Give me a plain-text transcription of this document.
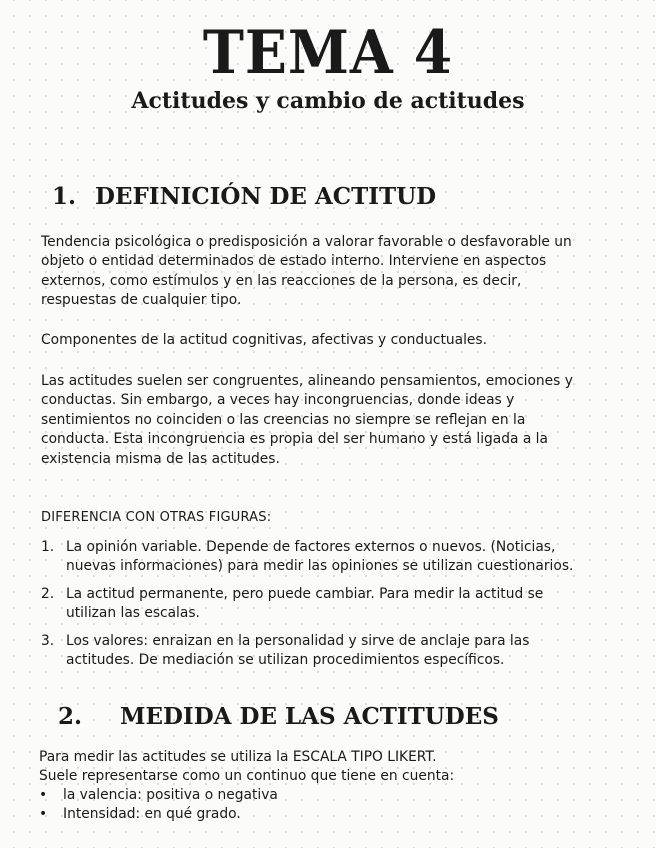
TEMA 4
Actitudes y cambio de actitudes
1. DEFINICIÓN DE ACTITUD
Tendencia psicológica o predisposición a valorar favorable o desfavorable un
objeto o entidad determinados de estado interno. Interviene en aspectos
externos, como estímulos y en las reacciones de la persona, es decir,
respuestas de cualquier tipo.
Componentes de la actitud cognitivas, afectivas y conductuales.
Las actitudes suelen ser congruentes, alineando pensamientos, emociones y
conductas. Sin embargo, a veces hay incongruencias, donde ideas y
sentimientos no coinciden o las creencias no siempre se reflejan en la
conducta. Esta incongruencia es propia del ser humano y está ligada a la
existencia misma de las actitudes.
DIFERENCIA CON OTRAS FIGURAS:
1. La opinión variable. Depende de factores externos o nuevos. (Noticias,
nuevas informaciones) para medir las opiniones se utilizan cuestionarios.
2. La actitud permanente, pero puede cambiar. Para medir la actitud se
utilizan las escalas.
3. Los valores: enraizan en la personalidad y sirve de anclaje para las
actitudes. De mediación se utilizan procedimientos específicos.
2. MEDIDA DE LAS ACTITUDES
Para medir las actitudes se utiliza la ESCALA TIPO LIKERT.
Suele representarse como un continuo que tiene en cuenta:
• la valencia: positiva o negativa
• Intensidad: en qué grado.
